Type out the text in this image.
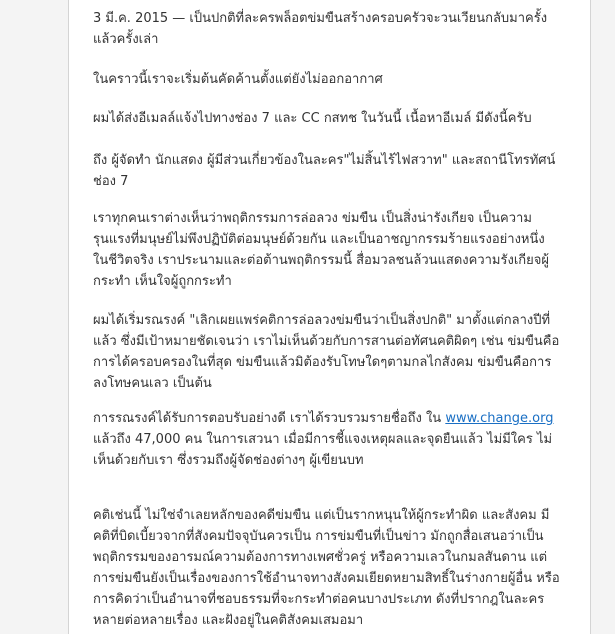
3 มี.ค. 2015 — เป็นปกติที่ละครพล็อตข่มขืนสร้างครอบครัวจะวนเวียนกลับมาครั้ง
แล้วครั้งเล่า

ในคราวนี้เราจะเริ่มต้นคัดค้านตั้งแต่ยังไม่ออกอากาศ

ผมได้ส่งอีเมลล์แจ้งไปทางช่อง 7 และ CC กสทช ในวันนี้ เนื้อหาอีเมล์ มีดังนี้ครับ

ถึง ผู้จัดทำ นักแสดง ผู้มีส่วนเกี่ยวข้องในละคร"ไม่สิ้นไร้ไฟสวาท" และสถานีโทรทัศน์
ช่อง 7

เราทุกคนเราต่างเห็นว่าพฤติกรรมการล่อลวง ข่มขืน เป็นสิ่งน่ารังเกียจ เป็นความ
รุนแรงที่มนุษย์ไม่พึงปฏิบัติต่อมนุษย์ด้วยกัน และเป็นอาชญากรรมร้ายแรงอย่างหนึ่ง
ในชีวิตจริง เราประนามและต่อต้านพฤติกรรมนี้ สื่อมวลชนล้วนแสดงความรังเกียจผู้
กระทำ เห็นใจผู้ถูกกระทำ

ผมได้เริ่มรณรงค์ "เลิกเผยแพร่คติการล่อลวงข่มขืนว่าเป็นสิ่งปกติ" มาตั้งแต่กลางปีที่
แล้ว ซึ่งมีเป้าหมายชัดเจนว่า เราไม่เห็นด้วยกับการสานต่อทัศนคติผิดๆ เช่น ข่มขืนคือ
การได้ครอบครองในที่สุด ข่มขืนแล้วมิต้องรับโทษใดๆตามกลไกสังคม ข่มขืนคือการ
ลงโทษคนเลว เป็นต้น

การรณรงค์ได้รับการตอบรับอย่างดี เราได้รวบรวมรายชื่อถึง ใน www.change.org
แล้วถึง 47,000 คน ในการเสวนา เมื่อมีการชี้แจงเหตุผลและจุดยืนแล้ว ไม่มีใคร ไม่
เห็นด้วยกับเรา ซึ่งรวมถึงผู้จัดช่องต่างๆ ผู้เขียนบท

คติเช่นนี้ ไม่ใช่จำเลยหลักของคดีข่มขืน แต่เป็นรากหนุนให้ผู้กระทำผิด และสังคม มี
คติที่บิดเบี้ยวจากที่สังคมปัจจุบันควรเป็น การข่มขืนที่เป็นข่าว มักถูกสื่อเสนอว่าเป็น
พฤติกรรมของอารมณ์ความต้องการทางเพศชั่วครู่ หรือความเลวในกมลสันดาน แต่
การข่มขืนยังเป็นเรื่องของการใช้อำนาจทางสังคมเยียดหยามสิทธิ์ในร่างกายผู้อื่น หรือ
การคิดว่าเป็นอำนาจที่ชอบธรรมที่จะกระทำต่อคนบางประเภท ดังที่ปรากฎในละคร
หลายต่อหลายเรื่อง และฝังอยู่ในคติสังคมเสมอมา
